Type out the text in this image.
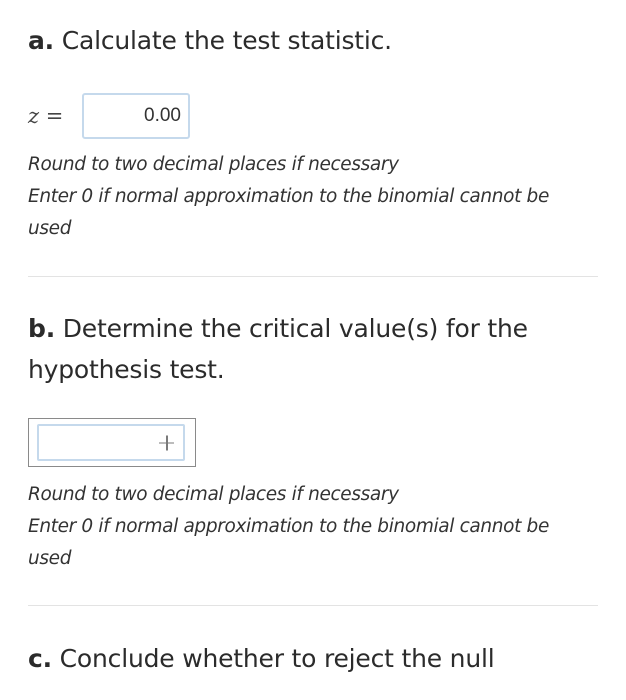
a. Calculate the test statistic.
z =
0.00
Round to two decimal places if necessary
Enter 0 if normal approximation to the binomial cannot be
used
b. Determine the critical value(s) for the hypothesis test.
Round to two decimal places if necessary
Enter 0 if normal approximation to the binomial cannot be
used
c. Conclude whether to reject the null
